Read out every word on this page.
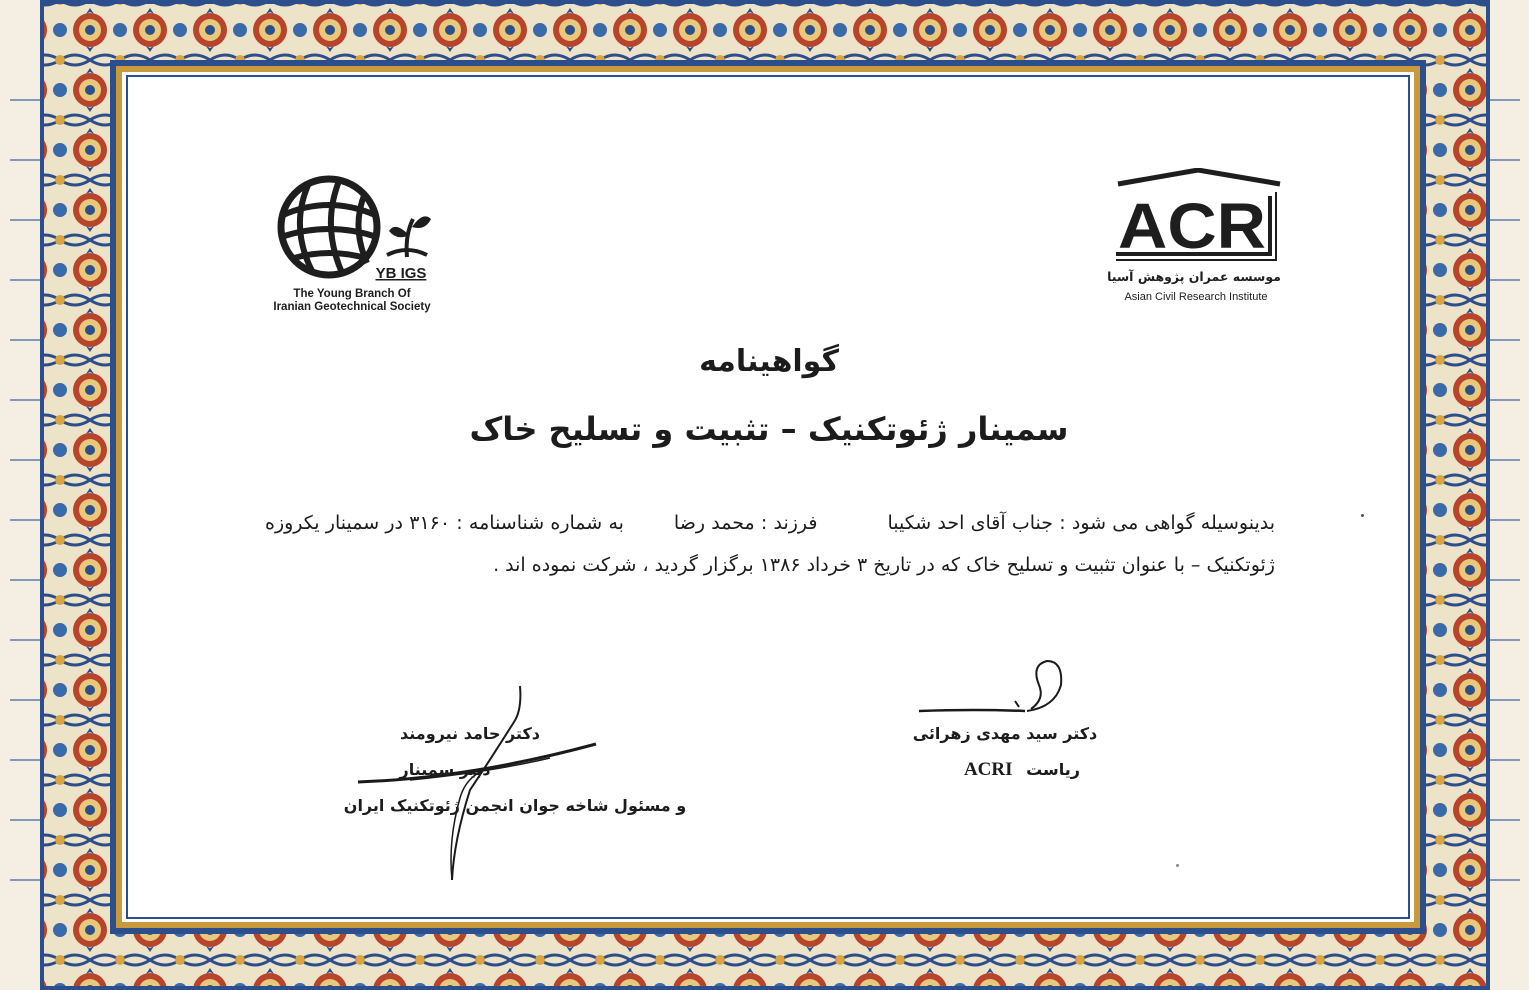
YB IGS
The Young Branch Of
Iranian Geotechnical Society
ACR
موسسه عمران پژوهش آسیا
Asian Civil Research Institute
گواهینامه
سمینار ژئوتکنیک – تثبیت و تسلیح خاک
بدینوسیله گواهی می شود : جناب آقای احد شکیبافرزند : محمد رضابه شماره شناسنامه : ۳۱۶۰ در سمینار یکروزه ژئوتکنیک – با عنوان تثبیت و تسلیح خاک که در تاریخ ۳ خرداد ۱۳۸۶ برگزار گردید ، شرکت نموده اند .
دکتر حامد نیرومند
دبیر سمینار
و مسئول شاخه جوان انجمن ژئوتکنیک ایران
دکتر سید مهدی زهرائی
ریاست ACRI
